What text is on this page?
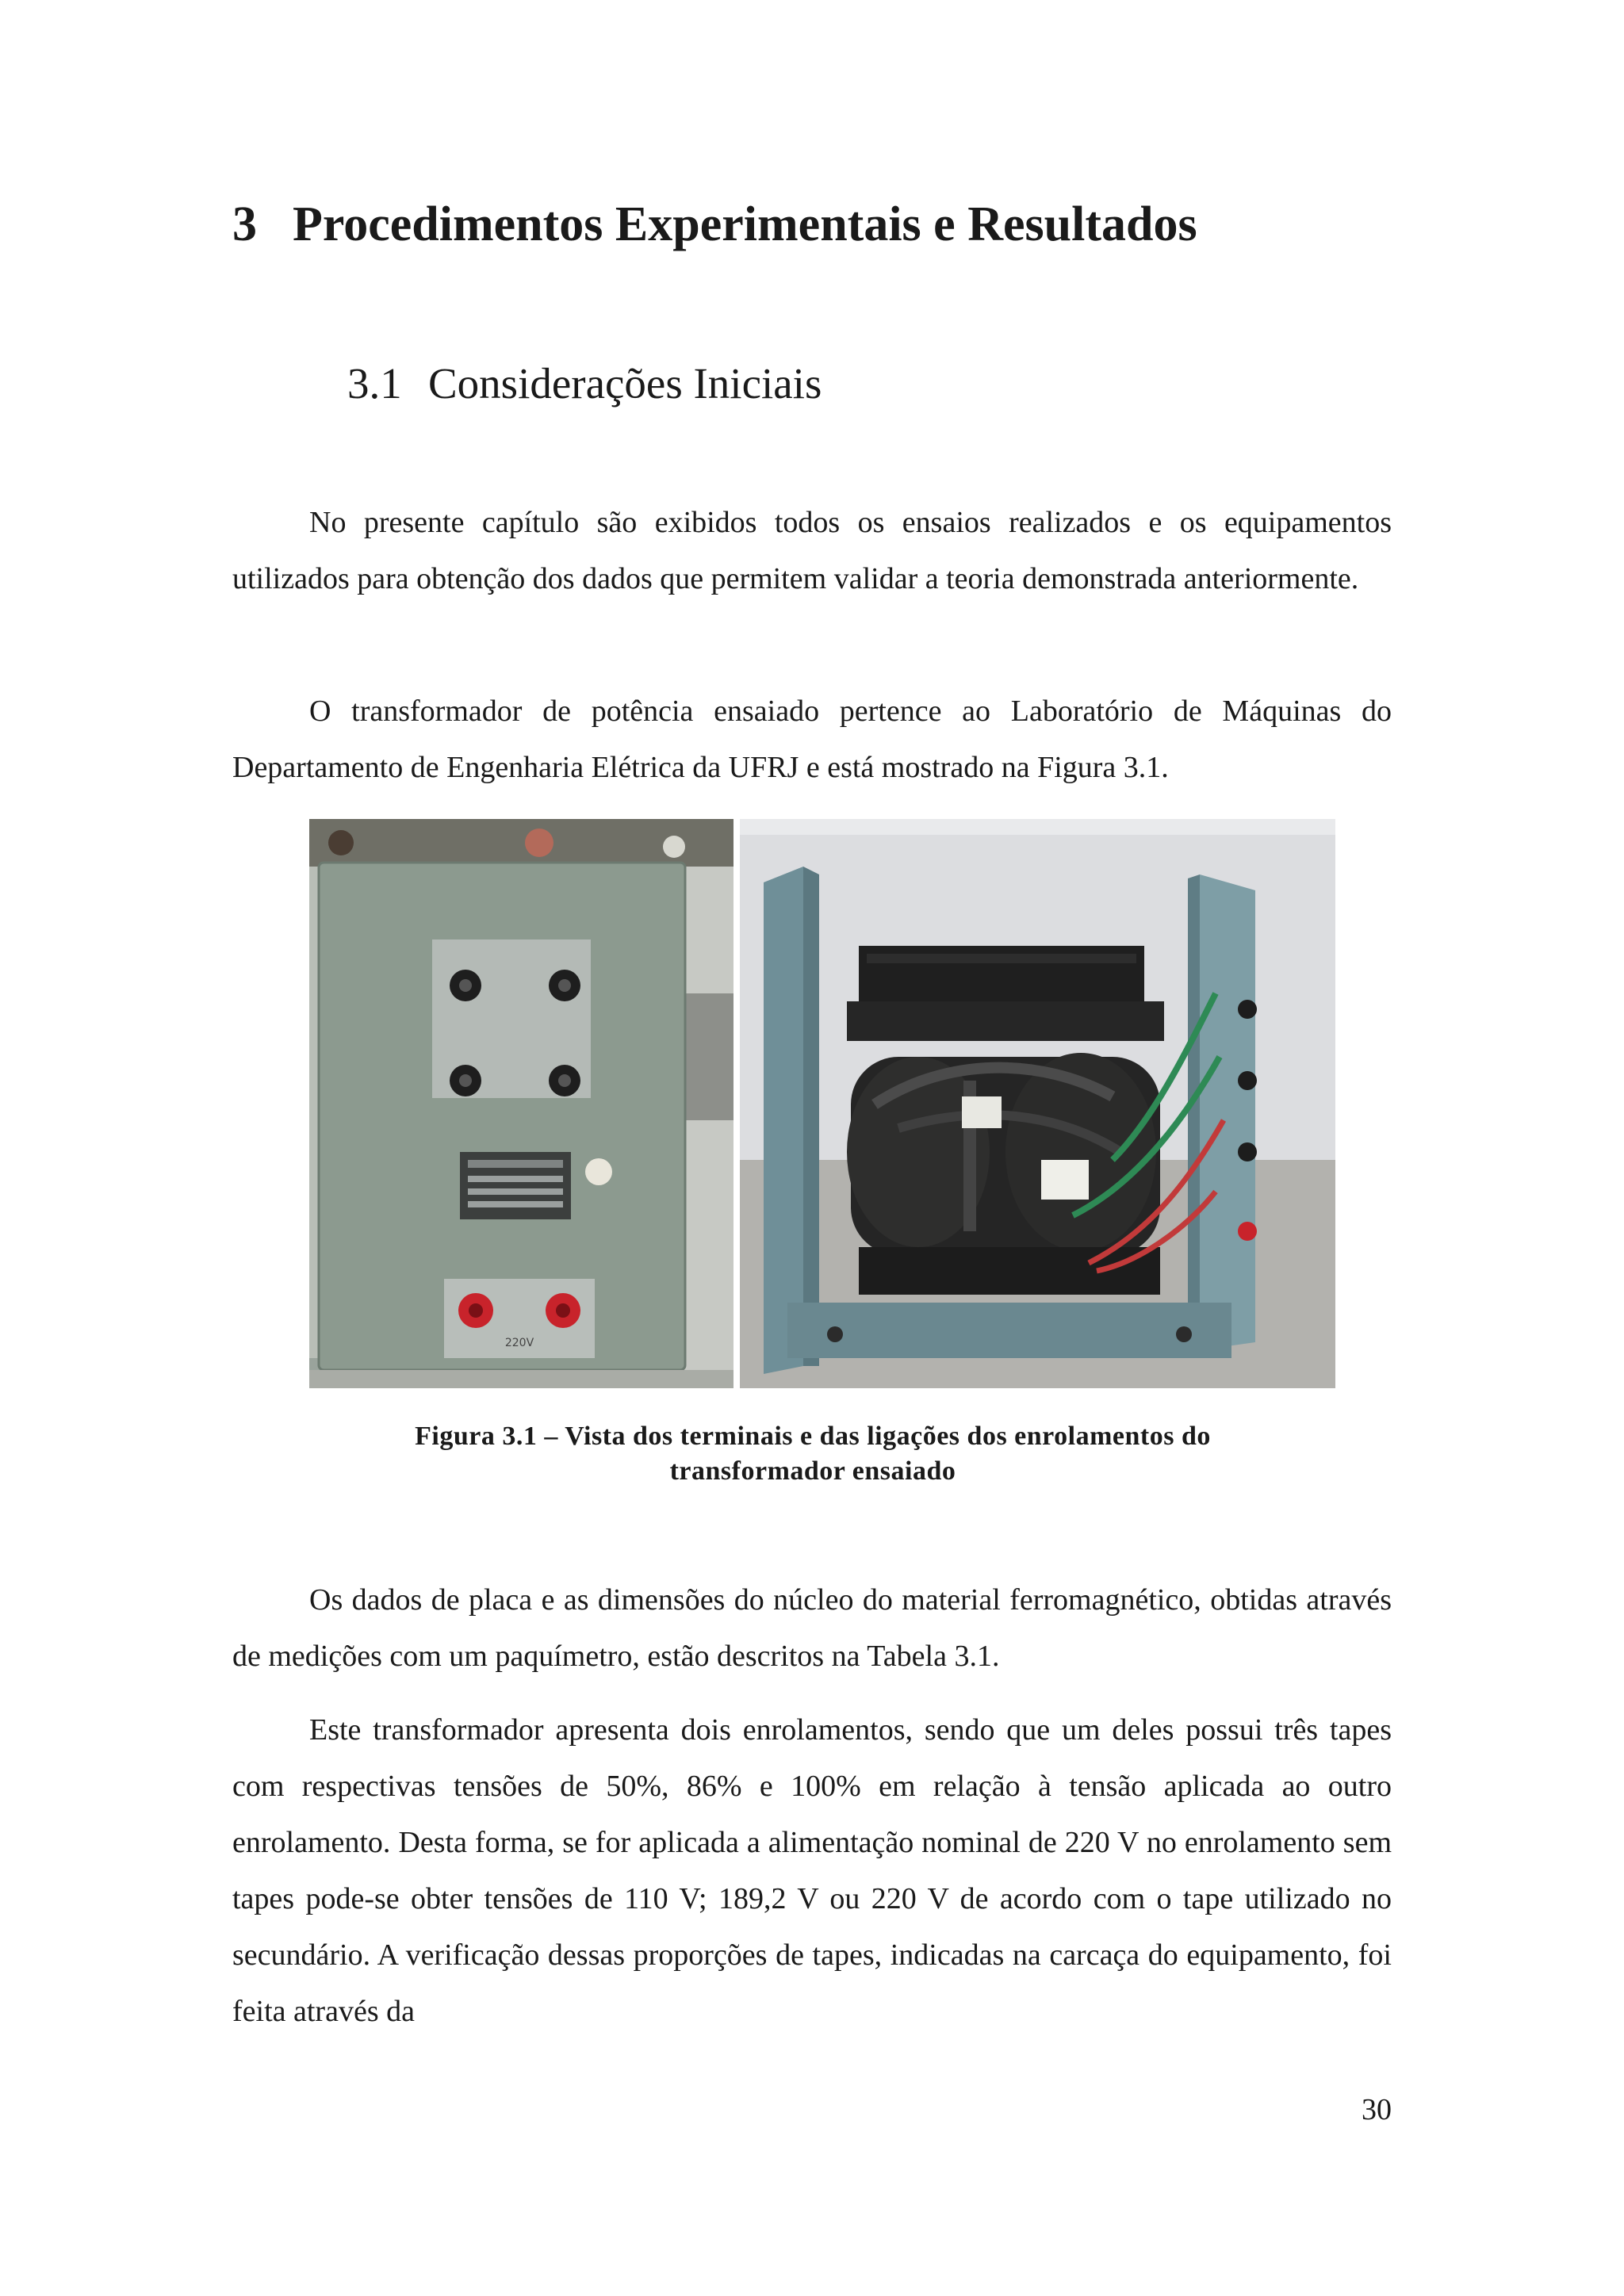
3 Procedimentos Experimentais e Resultados
3.1 Considerações Iniciais

No presente capítulo são exibidos todos os ensaios realizados e os equipamentos utilizados para obtenção dos dados que permitem validar a teoria demonstrada anteriormente.

O transformador de potência ensaiado pertence ao Laboratório de Máquinas do Departamento de Engenharia Elétrica da UFRJ e está mostrado na Figura 3.1.

220V

Figura 3.1 – Vista dos terminais e das ligações dos enrolamentos do
transformador ensaiado

Os dados de placa e as dimensões do núcleo do material ferromagnético, obtidas através de medições com um paquímetro, estão descritos na Tabela 3.1.

Este transformador apresenta dois enrolamentos, sendo que um deles possui três tapes com respectivas tensões de 50%, 86% e 100% em relação à tensão aplicada ao outro enrolamento. Desta forma, se for aplicada a alimentação nominal de 220 V no enrolamento sem tapes pode-se obter tensões de 110 V; 189,2 V ou 220 V de acordo com o tape utilizado no secundário. A verificação dessas proporções de tapes, indicadas na carcaça do equipamento, foi feita através da

30
